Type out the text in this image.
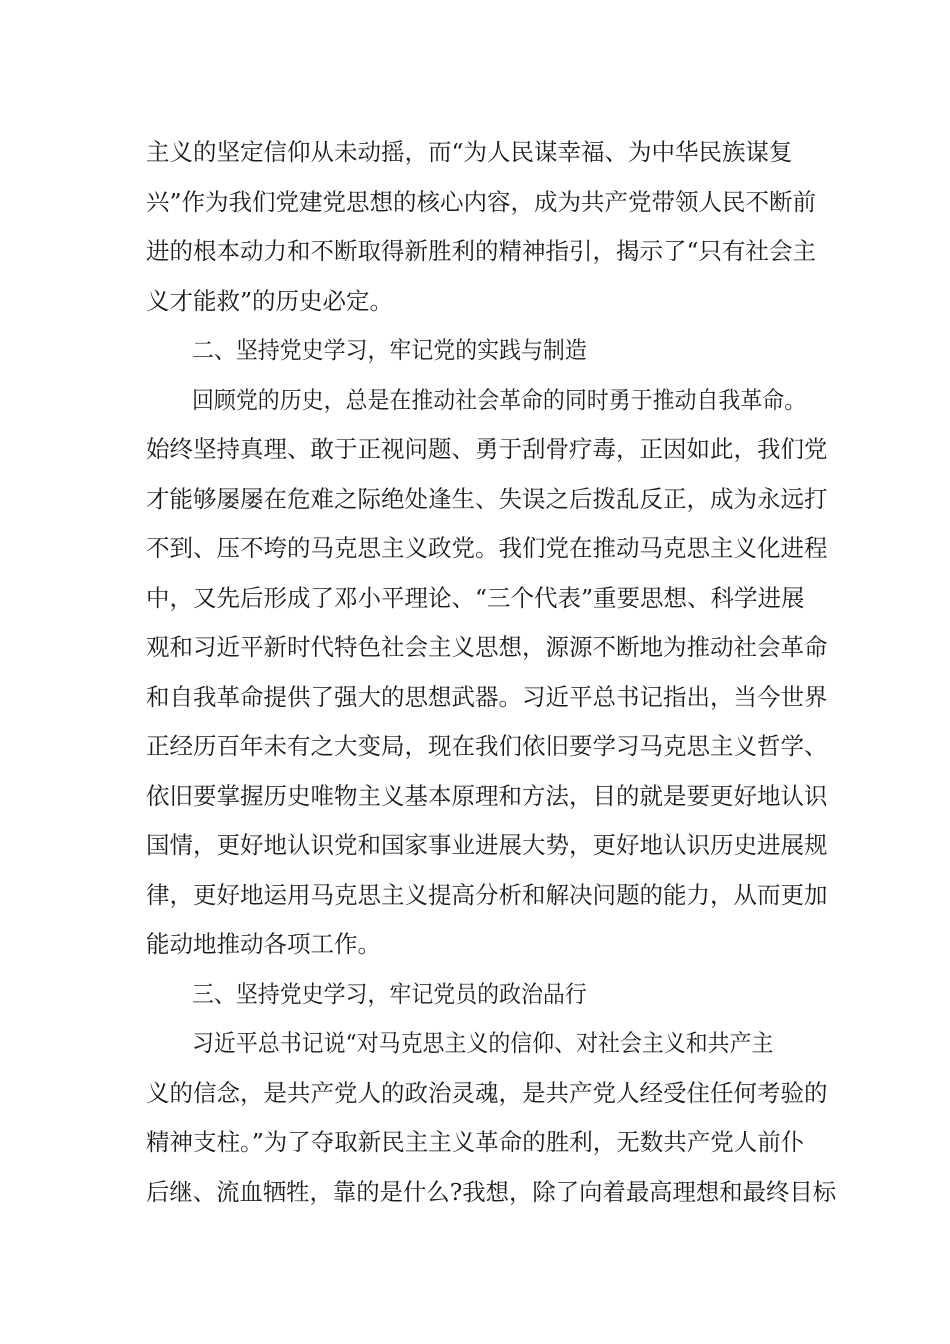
主义的坚定信仰从未动摇，而“为人民谋幸福、为中华民族谋复
兴”作为我们党建党思想的核心内容，成为共产党带领人民不断前
进的根本动力和不断取得新胜利的精神指引，揭示了“只有社会主
义才能救”的历史必定。
二、坚持党史学习，牢记党的实践与制造
回顾党的历史，总是在推动社会革命的同时勇于推动自我革命。
始终坚持真理、敢于正视问题、勇于刮骨疗毒，正因如此，我们党
才能够屡屡在危难之际绝处逢生、失误之后拨乱反正，成为永远打
不到、压不垮的马克思主义政党。我们党在推动马克思主义化进程
中，又先后形成了邓小平理论、“三个代表”重要思想、科学进展
观和习近平新时代特色社会主义思想，源源不断地为推动社会革命
和自我革命提供了强大的思想武器。习近平总书记指出，当今世界
正经历百年未有之大变局，现在我们依旧要学习马克思主义哲学、
依旧要掌握历史唯物主义基本原理和方法，目的就是要更好地认识
国情，更好地认识党和国家事业进展大势，更好地认识历史进展规
律，更好地运用马克思主义提高分析和解决问题的能力，从而更加
能动地推动各项工作。
三、坚持党史学习，牢记党员的政治品行
习近平总书记说“对马克思主义的信仰、对社会主义和共产主
义的信念，是共产党人的政治灵魂，是共产党人经受住任何考验的
精神支柱。”为了夺取新民主主义革命的胜利，无数共产党人前仆
后继、流血牺牲，靠的是什么?我想，除了向着最高理想和最终目标
